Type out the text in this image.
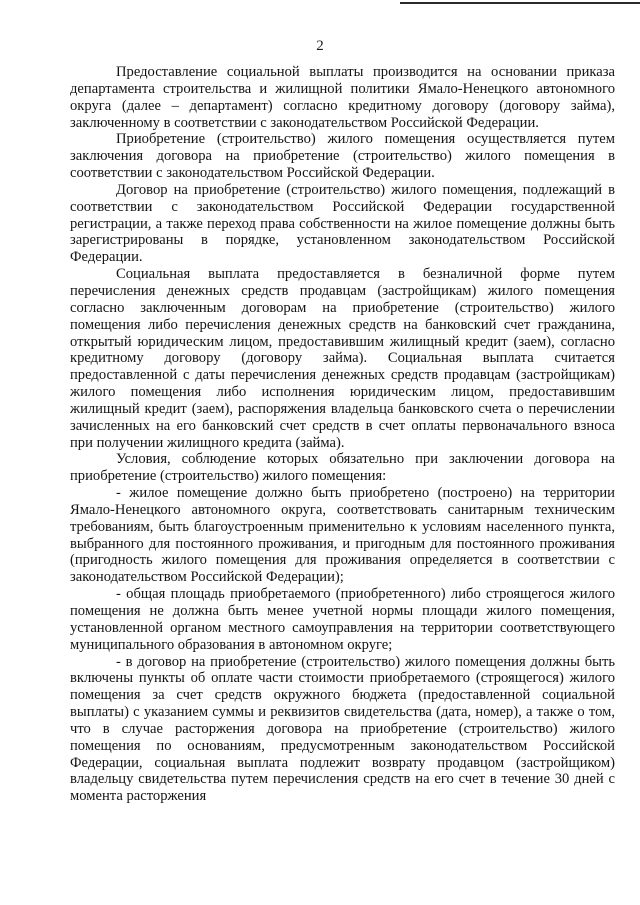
2

Предоставление социальной выплаты производится на основании приказа департамента строительства и жилищной политики Ямало-Ненецкого автономного округа (далее – департамент) согласно кредитному договору (договору займа), заключенному в соответствии с законодательством Российской Федерации.

Приобретение (строительство) жилого помещения осуществляется путем заключения договора на приобретение (строительство) жилого помещения в соответствии с законодательством Российской Федерации.

Договор на приобретение (строительство) жилого помещения, подлежащий в соответствии с законодательством Российской Федерации государственной регистрации, а также переход права собственности на жилое помещение должны быть зарегистрированы в порядке, установленном законодательством Российской Федерации.

Социальная выплата предоставляется в безналичной форме путем перечисления денежных средств продавцам (застройщикам) жилого помещения согласно заключенным договорам на приобретение (строительство) жилого помещения либо перечисления денежных средств на банковский счет гражданина, открытый юридическим лицом, предоставившим жилищный кредит (заем), согласно кредитному договору (договору займа). Социальная выплата считается предоставленной с даты перечисления денежных средств продавцам (застройщикам) жилого помещения либо исполнения юридическим лицом, предоставившим жилищный кредит (заем), распоряжения владельца банковского счета о перечислении зачисленных на его банковский счет средств в счет оплаты первоначального взноса при получении жилищного кредита (займа).

Условия, соблюдение которых обязательно при заключении договора на приобретение (строительство) жилого помещения:

- жилое помещение должно быть приобретено (построено) на территории Ямало-Ненецкого автономного округа, соответствовать санитарным техническим требованиям, быть благоустроенным применительно к условиям населенного пункта, выбранного для постоянного проживания, и пригодным для постоянного проживания (пригодность жилого помещения для проживания определяется в соответствии с законодательством Российской Федерации);

- общая площадь приобретаемого (приобретенного) либо строящегося жилого помещения не должна быть менее учетной нормы площади жилого помещения, установленной органом местного самоуправления на территории соответствующего муниципального образования в автономном округе;

- в договор на приобретение (строительство) жилого помещения должны быть включены пункты об оплате части стоимости приобретаемого (строящегося) жилого помещения за счет средств окружного бюджета (предоставленной социальной выплаты) с указанием суммы и реквизитов свидетельства (дата, номер), а также о том, что в случае расторжения договора на приобретение (строительство) жилого помещения по основаниям, предусмотренным законодательством Российской Федерации, социальная выплата подлежит возврату продавцом (застройщиком) владельцу свидетельства путем перечисления средств на его счет в течение 30 дней с момента расторжения
